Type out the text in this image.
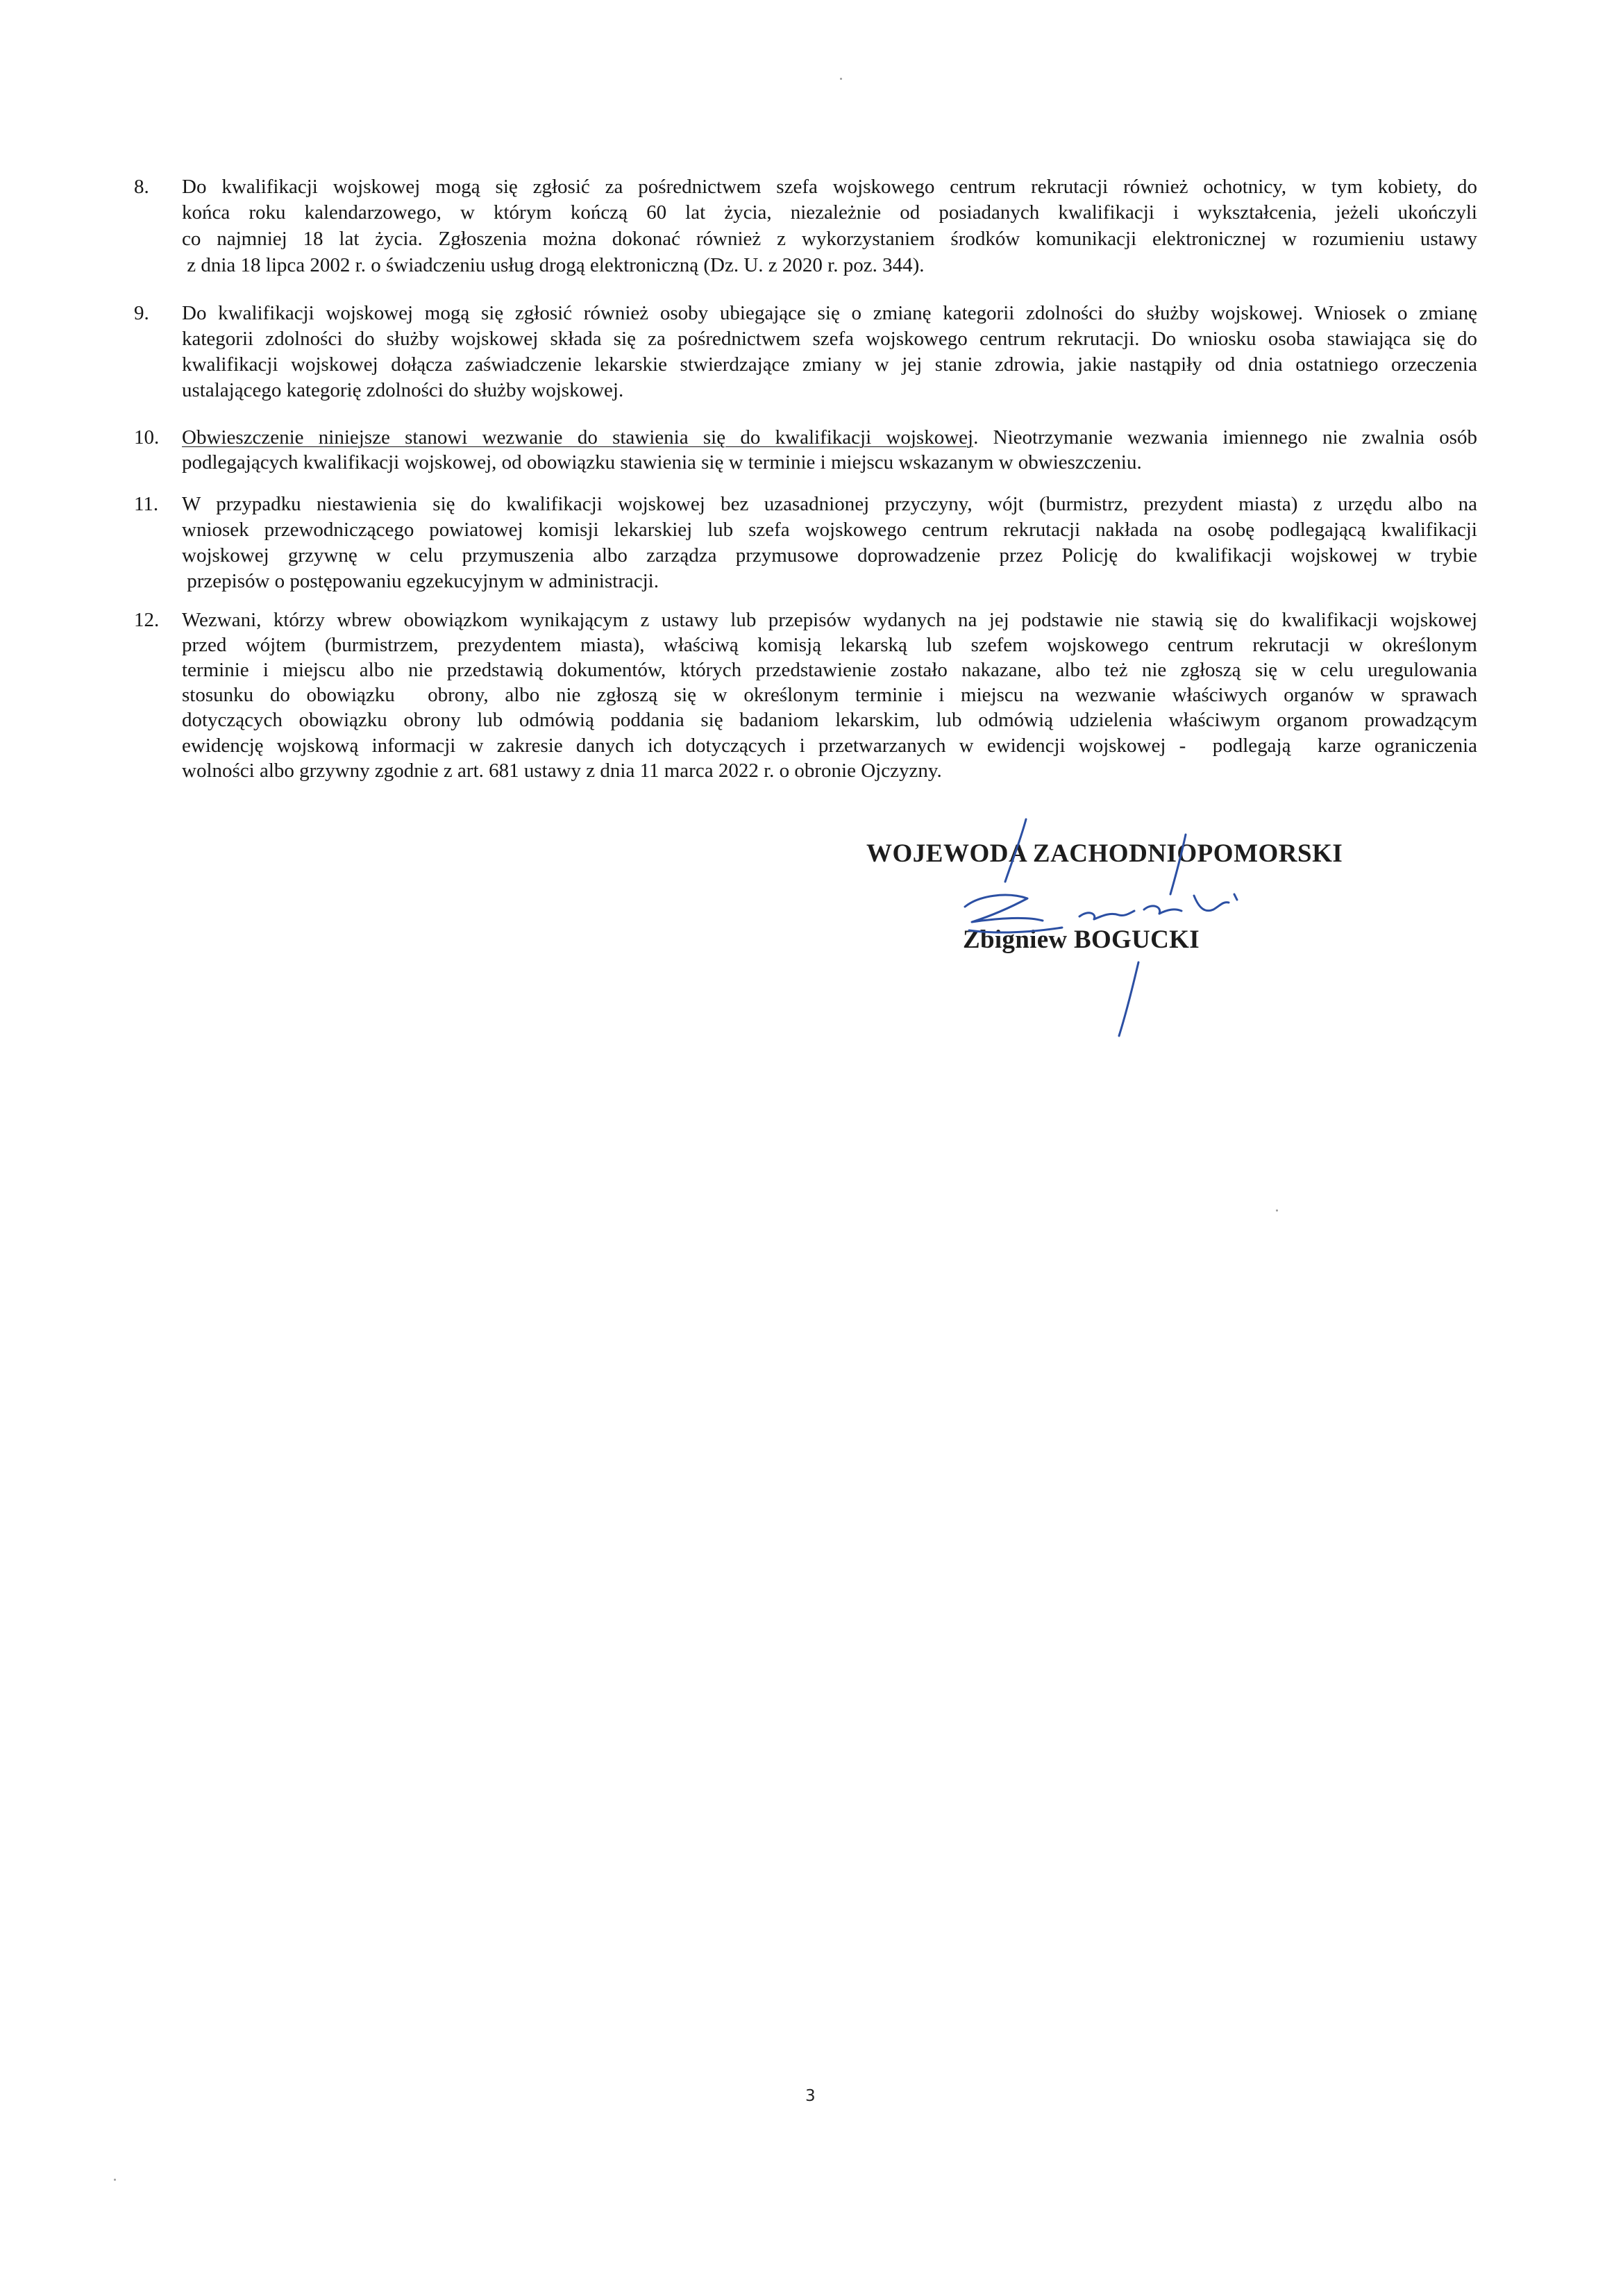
8. Do kwalifikacji wojskowej mogą się zgłosić za pośrednictwem szefa wojskowego centrum rekrutacji również ochotnicy, w tym kobiety, do
końca roku kalendarzowego, w którym kończą 60 lat życia, niezależnie od posiadanych kwalifikacji i wykształcenia, jeżeli ukończyli
co najmniej 18 lat życia. Zgłoszenia można dokonać również z wykorzystaniem środków komunikacji elektronicznej w rozumieniu ustawy
z dnia 18 lipca 2002 r. o świadczeniu usług drogą elektroniczną (Dz. U. z 2020 r. poz. 344).
9. Do kwalifikacji wojskowej mogą się zgłosić również osoby ubiegające się o zmianę kategorii zdolności do służby wojskowej. Wniosek o zmianę
kategorii zdolności do służby wojskowej składa się za pośrednictwem szefa wojskowego centrum rekrutacji. Do wniosku osoba stawiająca się do
kwalifikacji wojskowej dołącza zaświadczenie lekarskie stwierdzające zmiany w jej stanie zdrowia, jakie nastąpiły od dnia ostatniego orzeczenia
ustalającego kategorię zdolności do służby wojskowej.
10. Obwieszczenie niniejsze stanowi wezwanie do stawienia się do kwalifikacji wojskowej. Nieotrzymanie wezwania imiennego nie zwalnia osób
podlegających kwalifikacji wojskowej, od obowiązku stawienia się w terminie i miejscu wskazanym w obwieszczeniu.
11. W przypadku niestawienia się do kwalifikacji wojskowej bez uzasadnionej przyczyny, wójt (burmistrz, prezydent miasta) z urzędu albo na
wniosek przewodniczącego powiatowej komisji lekarskiej lub szefa wojskowego centrum rekrutacji nakłada na osobę podlegającą kwalifikacji
wojskowej grzywnę w celu przymuszenia albo zarządza przymusowe doprowadzenie przez Policję do kwalifikacji wojskowej w trybie
przepisów o postępowaniu egzekucyjnym w administracji.
12. Wezwani, którzy wbrew obowiązkom wynikającym z ustawy lub przepisów wydanych na jej podstawie nie stawią się do kwalifikacji wojskowej
przed wójtem (burmistrzem, prezydentem miasta), właściwą komisją lekarską lub szefem wojskowego centrum rekrutacji w określonym
terminie i miejscu albo nie przedstawią dokumentów, których przedstawienie zostało nakazane, albo też nie zgłoszą się w celu uregulowania
stosunku do obowiązku  obrony, albo nie zgłoszą się w określonym terminie i miejscu na wezwanie właściwych organów w sprawach
dotyczących obowiązku obrony lub odmówią poddania się badaniom lekarskim, lub odmówią udzielenia właściwym organom prowadzącym
ewidencję wojskową informacji w zakresie danych ich dotyczących i przetwarzanych w ewidencji wojskowej -  podlegają  karze ograniczenia
wolności albo grzywny zgodnie z art. 681 ustawy z dnia 11 marca 2022 r. o obronie Ojczyzny.
WOJEWODA ZACHODNIOPOMORSKI
Zbigniew BOGUCKI
3
